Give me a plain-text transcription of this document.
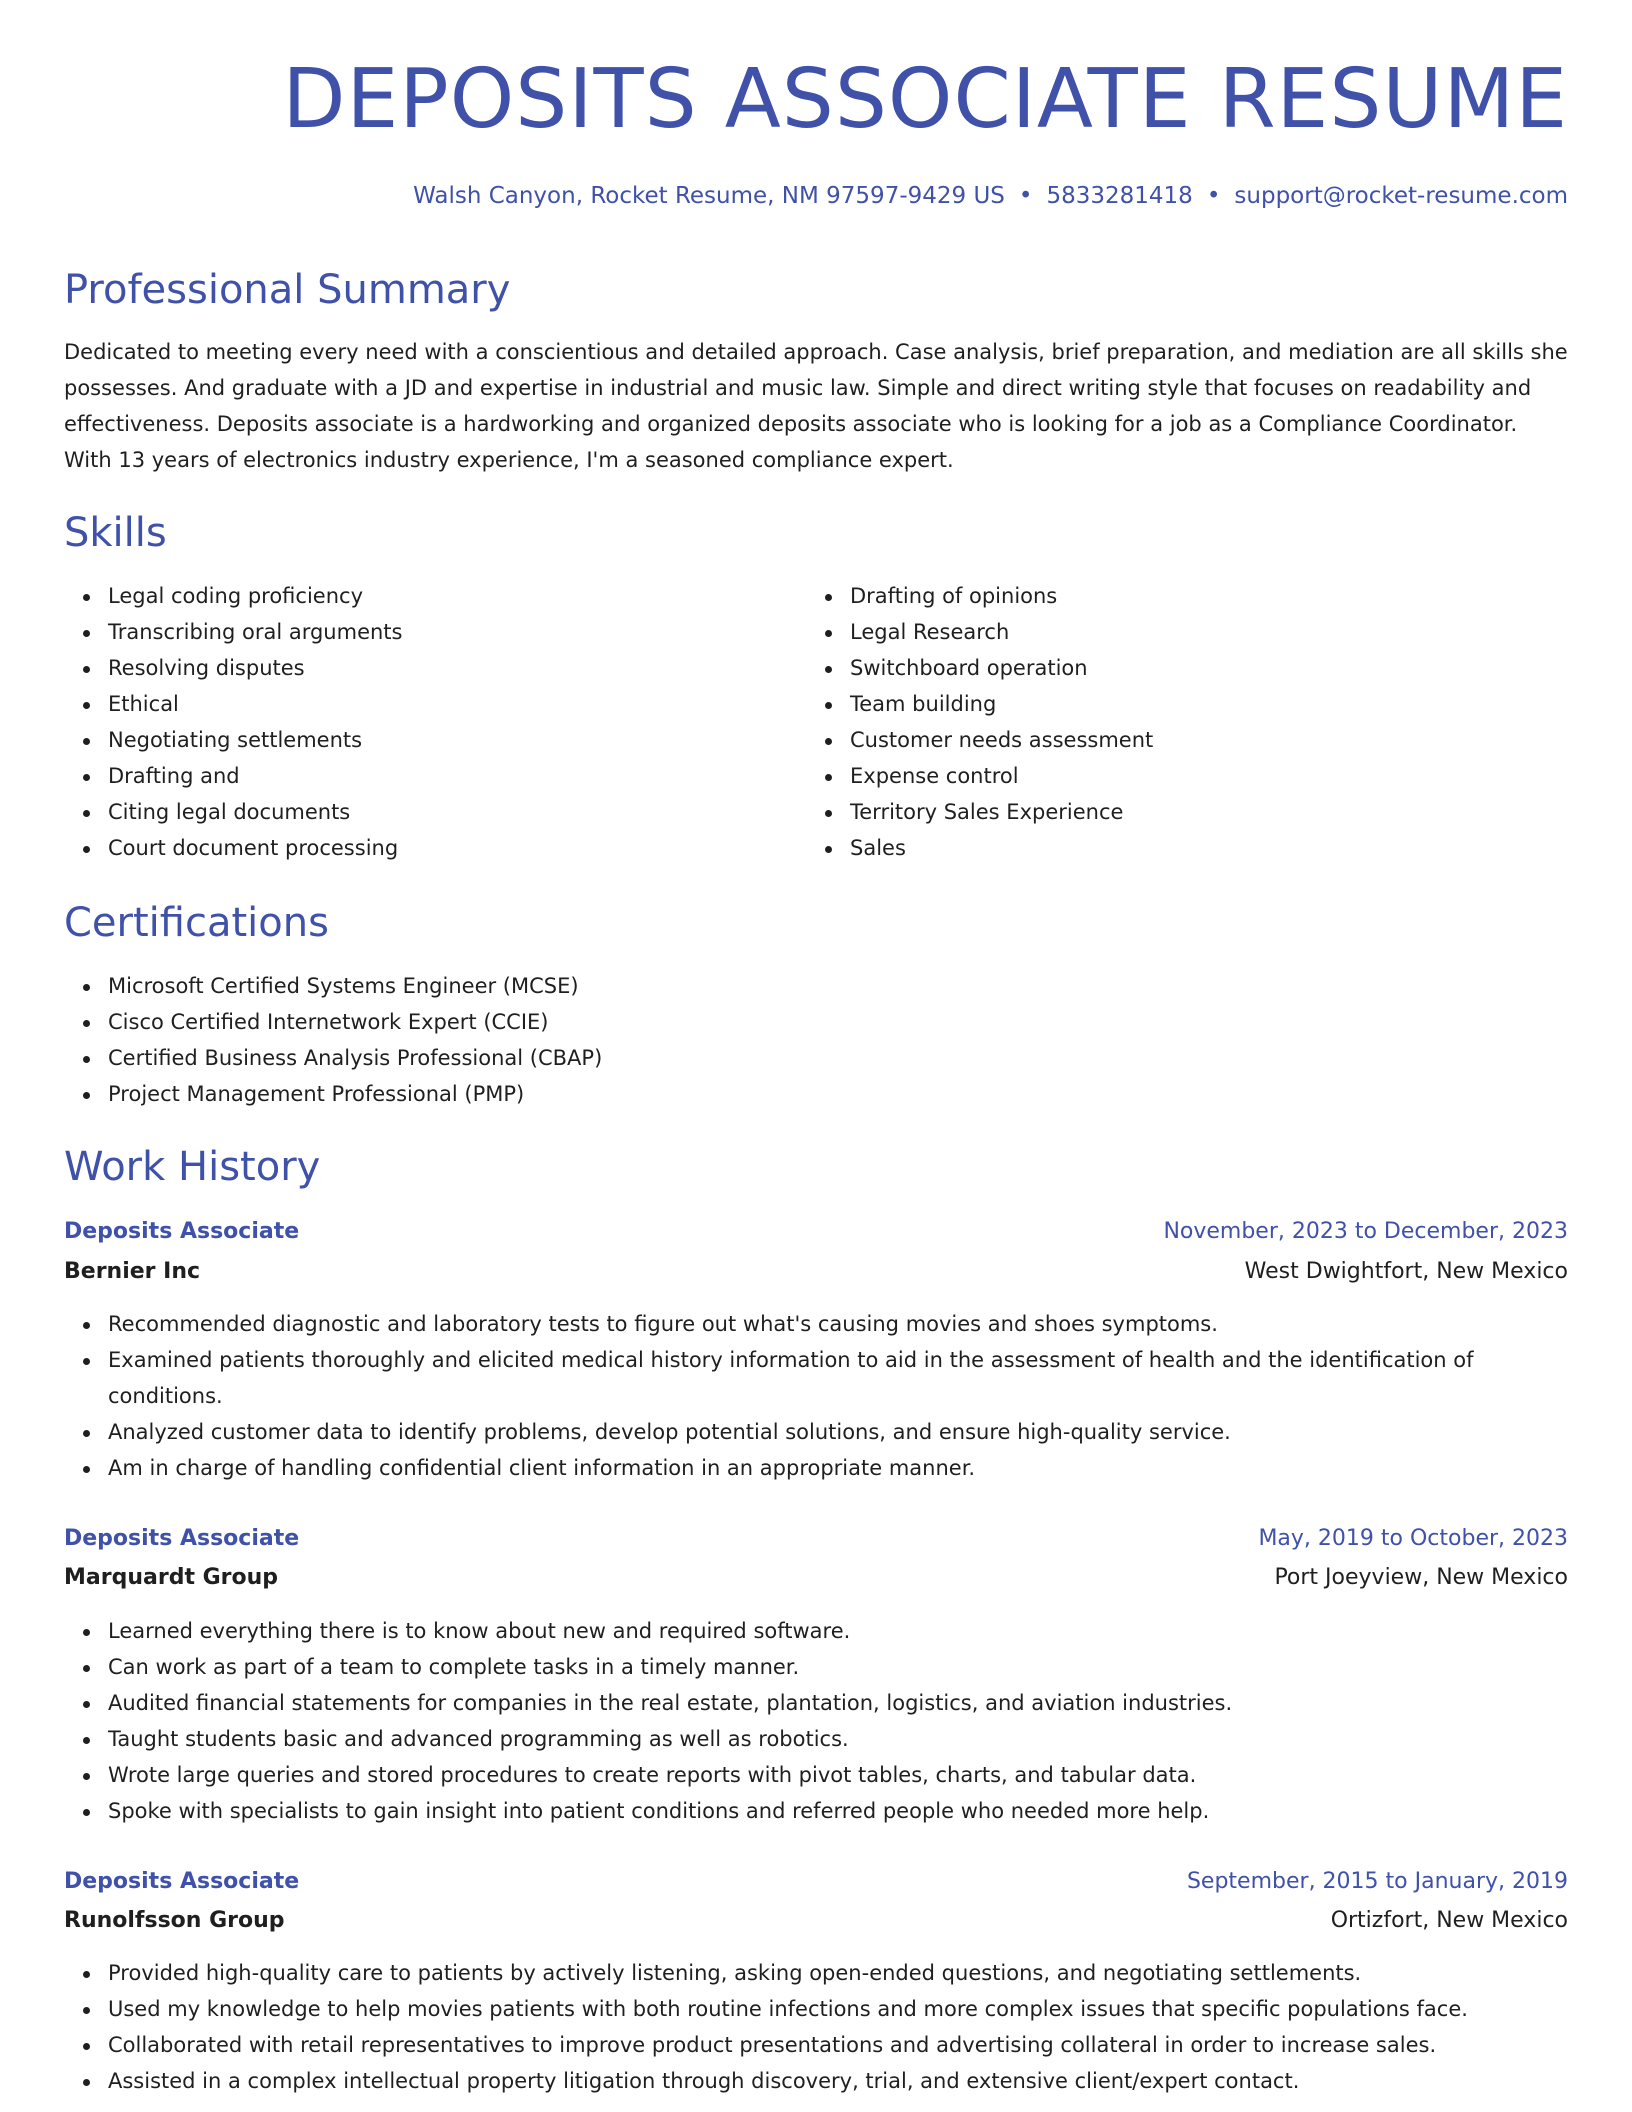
DEPOSITS ASSOCIATE RESUME
Walsh Canyon, Rocket Resume, NM 97597-9429 US • 5833281418 • support@rocket-resume.com
Professional Summary

Dedicated to meeting every need with a conscientious and detailed approach. Case analysis, brief preparation, and mediation are all skills she possesses. And graduate with a JD and expertise in industrial and music law. Simple and direct writing style that focuses on readability and effectiveness. Deposits associate is a hardworking and organized deposits associate who is looking for a job as a Compliance Coordinator. With 13 years of electronics industry experience, I'm a seasoned compliance expert.

Skills
Legal coding proficiency
Transcribing oral arguments
Resolving disputes
Ethical
Negotiating settlements
Drafting and
Citing legal documents
Court document processing
Drafting of opinions
Legal Research
Switchboard operation
Team building
Customer needs assessment
Expense control
Territory Sales Experience
Sales
Certifications
Microsoft Certified Systems Engineer (MCSE)
Cisco Certified Internetwork Expert (CCIE)
Certified Business Analysis Professional (CBAP)
Project Management Professional (PMP)
Work History
Deposits Associate	November, 2023 to December, 2023
Bernier Inc	West Dwightfort, New Mexico
Recommended diagnostic and laboratory tests to figure out what's causing movies and shoes symptoms.
Examined patients thoroughly and elicited medical history information to aid in the assessment of health and the identification of conditions.
Analyzed customer data to identify problems, develop potential solutions, and ensure high-quality service.
Am in charge of handling confidential client information in an appropriate manner.
Deposits Associate	May, 2019 to October, 2023
Marquardt Group	Port Joeyview, New Mexico
Learned everything there is to know about new and required software.
Can work as part of a team to complete tasks in a timely manner.
Audited financial statements for companies in the real estate, plantation, logistics, and aviation industries.
Taught students basic and advanced programming as well as robotics.
Wrote large queries and stored procedures to create reports with pivot tables, charts, and tabular data.
Spoke with specialists to gain insight into patient conditions and referred people who needed more help.
Deposits Associate	September, 2015 to January, 2019
Runolfsson Group	Ortizfort, New Mexico
Provided high-quality care to patients by actively listening, asking open-ended questions, and negotiating settlements.
Used my knowledge to help movies patients with both routine infections and more complex issues that specific populations face.
Collaborated with retail representatives to improve product presentations and advertising collateral in order to increase sales.
Assisted in a complex intellectual property litigation through discovery, trial, and extensive client/expert contact.
